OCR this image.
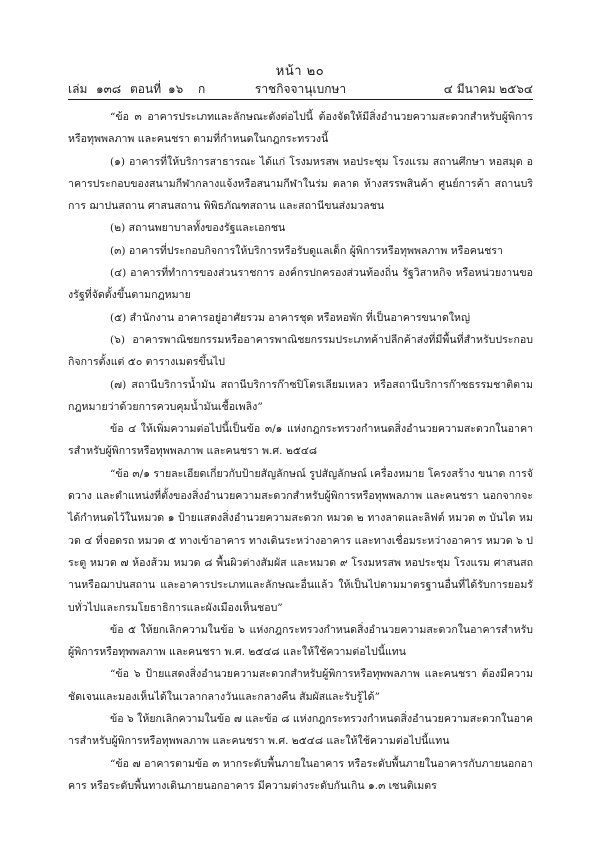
หน้า ๒๐
เล่ม ๑๓๘ ตอนที่ ๑๖ ก	ราชกิจจานุเบกษา	๔ มีนาคม ๒๕๖๔

“ข้อ ๓ อาคารประเภทและลักษณะดังต่อไปนี้ ต้องจัดให้มีสิ่งอำนวยความสะดวกสำหรับผู้พิการหรือทุพพลภาพ และคนชรา ตามที่กำหนดในกฎกระทรวงนี้

(๑) อาคารที่ให้บริการสาธารณะ ได้แก่ โรงมหรสพ หอประชุม โรงแรม สถานศึกษา หอสมุด อาคารประกอบของสนามกีฬากลางแจ้งหรือสนามกีฬาในร่ม ตลาด ห้างสรรพสินค้า ศูนย์การค้า สถานบริการ ฌาปนสถาน ศาสนสถาน พิพิธภัณฑสถาน และสถานีขนส่งมวลชน

(๒) สถานพยาบาลทั้งของรัฐและเอกชน

(๓) อาคารที่ประกอบกิจการให้บริการหรือรับดูแลเด็ก ผู้พิการหรือทุพพลภาพ หรือคนชรา

(๔) อาคารที่ทำการของส่วนราชการ องค์กรปกครองส่วนท้องถิ่น รัฐวิสาหกิจ หรือหน่วยงานของรัฐที่จัดตั้งขึ้นตามกฎหมาย

(๕) สำนักงาน อาคารอยู่อาศัยรวม อาคารชุด หรือหอพัก ที่เป็นอาคารขนาดใหญ่

(๖) อาคารพาณิชยกรรมหรืออาคารพาณิชยกรรมประเภทค้าปลีกค้าส่งที่มีพื้นที่สำหรับประกอบกิจการตั้งแต่ ๕๐ ตารางเมตรขึ้นไป

(๗) สถานีบริการน้ำมัน สถานีบริการก๊าซปิโตรเลียมเหลว หรือสถานีบริการก๊าซธรรมชาติตามกฎหมายว่าด้วยการควบคุมน้ำมันเชื้อเพลิง”

ข้อ ๔ ให้เพิ่มความต่อไปนี้เป็นข้อ ๓/๑ แห่งกฎกระทรวงกำหนดสิ่งอำนวยความสะดวกในอาคารสำหรับผู้พิการหรือทุพพลภาพ และคนชรา พ.ศ. ๒๕๔๘

“ข้อ ๓/๑ รายละเอียดเกี่ยวกับป้ายสัญลักษณ์ รูปสัญลักษณ์ เครื่องหมาย โครงสร้าง ขนาด การจัดวาง และตำแหน่งที่ตั้งของสิ่งอำนวยความสะดวกสำหรับผู้พิการหรือทุพพลภาพ และคนชรา นอกจากจะได้กำหนดไว้ในหมวด ๑ ป้ายแสดงสิ่งอำนวยความสะดวก หมวด ๒ ทางลาดและลิฟต์ หมวด ๓ บันได หมวด ๔ ที่จอดรถ หมวด ๕ ทางเข้าอาคาร ทางเดินระหว่างอาคาร และทางเชื่อมระหว่างอาคาร หมวด ๖ ประตู หมวด ๗ ห้องส้วม หมวด ๘ พื้นผิวต่างสัมผัส และหมวด ๙ โรงมหรสพ หอประชุม โรงแรม ศาสนสถานหรือฌาปนสถาน และอาคารประเภทและลักษณะอื่นแล้ว ให้เป็นไปตามมาตรฐานอื่นที่ได้รับการยอมรับทั่วไปและกรมโยธาธิการและผังเมืองเห็นชอบ”

ข้อ ๕ ให้ยกเลิกความในข้อ ๖ แห่งกฎกระทรวงกำหนดสิ่งอำนวยความสะดวกในอาคารสำหรับผู้พิการหรือทุพพลภาพ และคนชรา พ.ศ. ๒๕๔๘ และให้ใช้ความต่อไปนี้แทน

“ข้อ ๖ ป้ายแสดงสิ่งอำนวยความสะดวกสำหรับผู้พิการหรือทุพพลภาพ และคนชรา ต้องมีความชัดเจนและมองเห็นได้ในเวลากลางวันและกลางคืน สัมผัสและรับรู้ได้”

ข้อ ๖ ให้ยกเลิกความในข้อ ๗ และข้อ ๘ แห่งกฎกระทรวงกำหนดสิ่งอำนวยความสะดวกในอาคารสำหรับผู้พิการหรือทุพพลภาพ และคนชรา พ.ศ. ๒๕๔๘ และให้ใช้ความต่อไปนี้แทน

“ข้อ ๗ อาคารตามข้อ ๓ หากระดับพื้นภายในอาคาร หรือระดับพื้นภายในอาคารกับภายนอกอาคาร หรือระดับพื้นทางเดินภายนอกอาคาร มีความต่างระดับกันเกิน ๑.๓ เซนติเมตร
